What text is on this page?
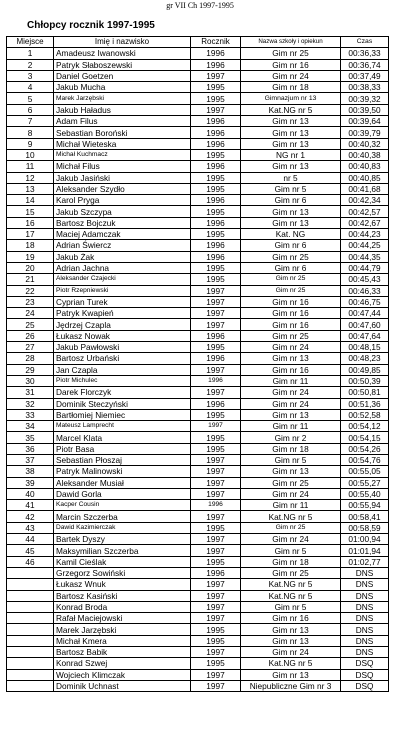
gr VII Ch 1997-1995
Chłopcy rocznik 1997-1995
Miejsce	Imię i nazwisko	Rocznik	Nazwa szkoły i opiekun	Czas
1	Amadeusz Iwanowski	1996	Gim nr 25	00:36,33
2	Patryk Słaboszewski	1996	Gim nr 16	00:36,74
3	Daniel Goetzen	1997	Gim nr 24	00:37,49
4	Jakub Mucha	1995	Gim nr 18	00:38,33
5	Marek Jarzębski	1995	Gimnazjum nr 13	00:39,32
6	Jakub Haładus	1997	Kat.NG nr 5	00:39,50
7	Adam Filus	1996	Gim nr 13	00:39,64
8	Sebastian Boroński	1996	Gim nr 13	00:39,79
9	Michał Wieteska	1996	Gim nr 13	00:40,32
10	Michał Kuchmacz	1995	NG nr 1	00:40,38
11	Michał Filus	1996	Gim nr 13	00:40,83
12	Jakub Jasiński	1995	nr 5	00:40,85
13	Aleksander Szydło	1995	Gim nr 5	00:41,68
14	Karol Pryga	1996	Gim nr 6	00:42,34
15	Jakub Szczypa	1995	Gim nr 13	00:42,57
16	Bartosz Bojczuk	1996	Gim nr 13	00:42,67
17	Maciej Adamczak	1995	Kat. NG	00:44,23
18	Adrian Świercz	1996	Gim nr 6	00:44,25
19	Jakub Żak	1996	Gim nr 25	00:44,35
20	Adrian Jachna	1995	Gim nr 6	00:44,79
21	Aleksander Czajecki	1995	Gim nr 25	00:45,43
22	Piotr Rzepniewski	1997	Gim nr 25	00:46,33
23	Cyprian Turek	1997	Gim nr 16	00:46,75
24	Patryk Kwapień	1997	Gim nr 16	00:47,44
25	Jędrzej Czapla	1997	Gim nr 16	00:47,60
26	Łukasz Nowak	1996	Gim nr 25	00:47,64
27	Jakub Pawłowski	1995	Gim nr 24	00:48,15
28	Bartosz Urbański	1996	Gim nr 13	00:48,23
29	Jan Czapla	1997	Gim nr 16	00:49,85
30	Piotr Michulec	1996	Gim nr 11	00:50,39
31	Darek Florczyk	1997	Gim nr 24	00:50,81
32	Dominik Steczyński	1996	Gim nr 24	00:51,36
33	Bartłomiej Niemiec	1995	Gim nr 13	00:52,58
34	Mateusz Lamprecht	1997	Gim nr 11	00:54,12
35	Marcel Klata	1995	Gim nr 2	00:54,15
36	Piotr Basa	1995	Gim nr 18	00:54,26
37	Sebastian Płoszaj	1997	Gim nr 5	00:54,76
38	Patryk Malinowski	1997	Gim nr 13	00:55,05
39	Aleksander Musiał	1997	Gim nr 25	00:55,27
40	Dawid Gorla	1997	Gim nr 24	00:55,40
41	Kacper Cousin	1996	Gim nr 11	00:55,94
42	Marcin Szczerba	1997	Kat.NG nr 5	00:58,41
43	Dawid Kazimierczak	1995	Gim nr 25	00:58,59
44	Bartek Dyszy	1997	Gim nr 24	01:00,94
45	Maksymilian Szczerba	1997	Gim nr 5	01:01,94
46	Kamil Cieślak	1995	Gim nr 18	01:02,77
	Grzegorz Sowiński	1996	Gim nr 25	DNS
	Łukasz Wnuk	1997	Kat.NG nr 5	DNS
	Bartosz Kasiński	1997	Kat.NG nr 5	DNS
	Konrad Broda	1997	Gim nr 5	DNS
	Rafał Maciejowski	1997	Gim nr 16	DNS
	Marek Jarzębski	1995	Gim nr 13	DNS
	Michał Kmera	1995	Gim nr 13	DNS
	Bartosz Babik	1997	Gim nr 24	DNS
	Konrad Szwej	1995	Kat.NG nr 5	DSQ
	Wojciech Klimczak	1997	Gim nr 13	DSQ
	Dominik Uchnast	1997	Niepubliczne Gim nr 3	DSQ
